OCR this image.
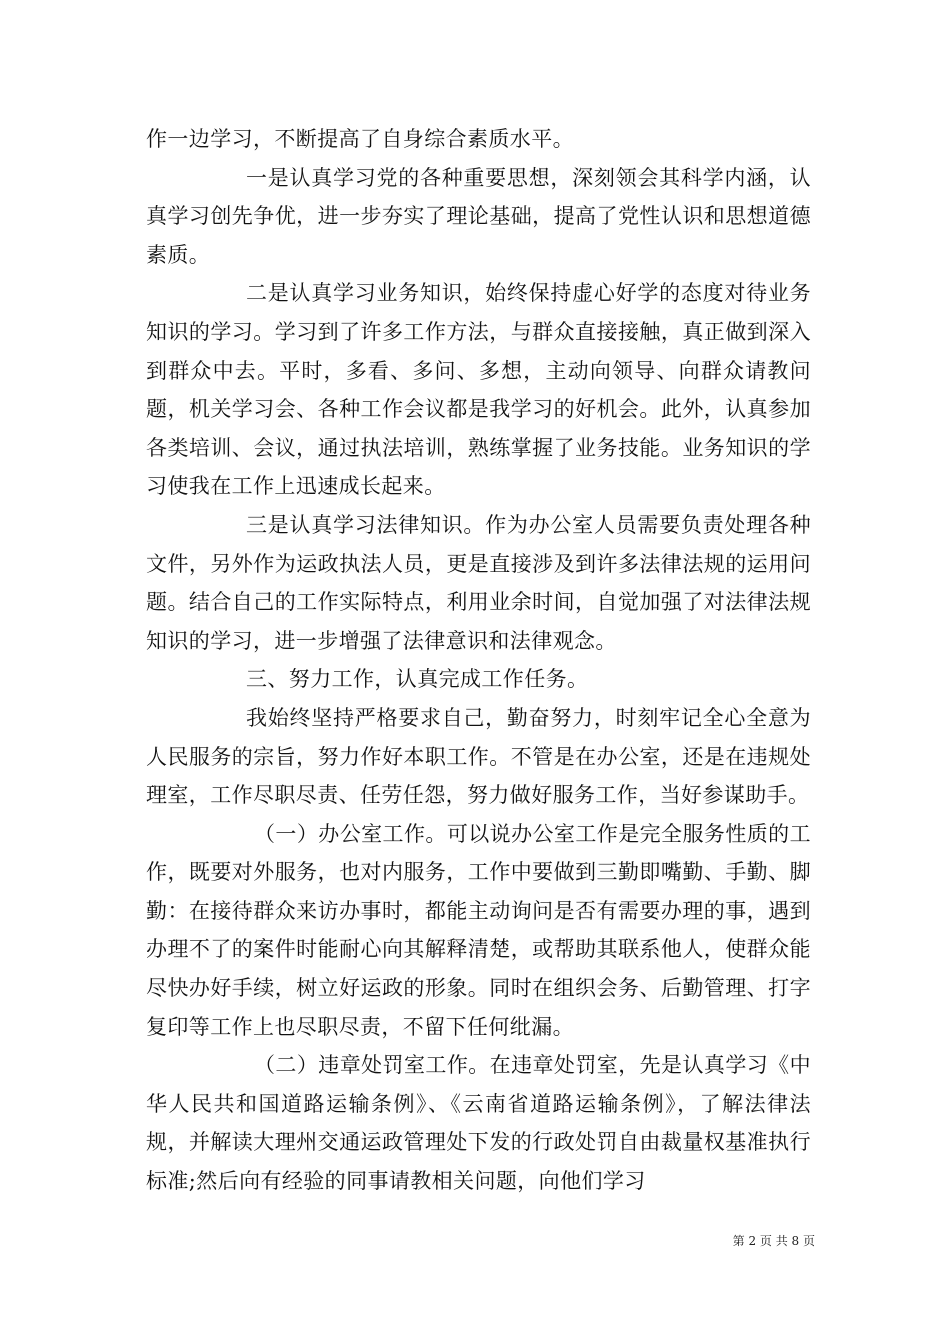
作一边学习，不断提高了自身综合素质水平。

一是认真学习党的各种重要思想，深刻领会其科学内涵，认真学习创先争优，进一步夯实了理论基础，提高了党性认识和思想道德素质。

二是认真学习业务知识，始终保持虚心好学的态度对待业务知识的学习。学习到了许多工作方法，与群众直接接触，真正做到深入到群众中去。平时，多看、多问、多想，主动向领导、向群众请教问题，机关学习会、各种工作会议都是我学习的好机会。此外，认真参加各类培训、会议，通过执法培训，熟练掌握了业务技能。业务知识的学习使我在工作上迅速成长起来。

三是认真学习法律知识。作为办公室人员需要负责处理各种文件，另外作为运政执法人员，更是直接涉及到许多法律法规的运用问题。结合自己的工作实际特点，利用业余时间，自觉加强了对法律法规知识的学习，进一步增强了法律意识和法律观念。

三、努力工作，认真完成工作任务。

我始终坚持严格要求自己，勤奋努力，时刻牢记全心全意为人民服务的宗旨，努力作好本职工作。不管是在办公室，还是在违规处理室，工作尽职尽责、任劳任怨，努力做好服务工作，当好参谋助手。

（一）办公室工作。可以说办公室工作是完全服务性质的工作，既要对外服务，也对内服务，工作中要做到三勤即嘴勤、手勤、脚勤：在接待群众来访办事时，都能主动询问是否有需要办理的事，遇到办理不了的案件时能耐心向其解释清楚，或帮助其联系他人，使群众能尽快办好手续，树立好运政的形象。同时在组织会务、后勤管理、打字复印等工作上也尽职尽责，不留下任何纰漏。

（二）违章处罚室工作。在违章处罚室，先是认真学习《中华人民共和国道路运输条例》、《云南省道路运输条例》，了解法律法规，并解读大理州交通运政管理处下发的行政处罚自由裁量权基准执行标准;然后向有经验的同事请教相关问题，向他们学习

第 2 页 共 8 页
